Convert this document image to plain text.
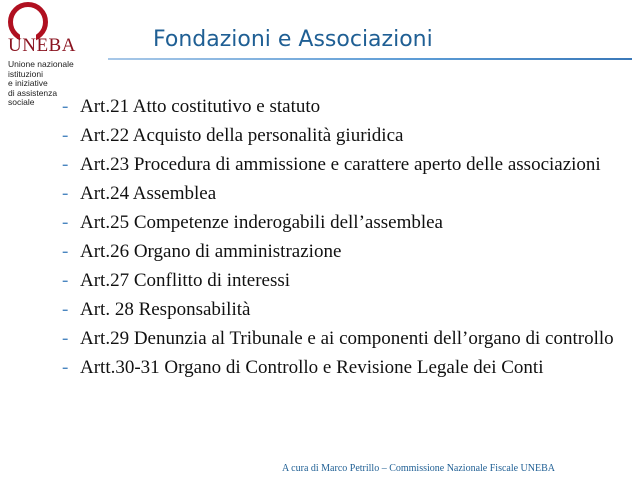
UNEBA
Unione nazionale
istituzioni
e iniziative
di assistenza
sociale
Fondazioni e Associazioni
- Art.21 Atto costitutivo e statuto
- Art.22 Acquisto della personalità giuridica
- Art.23 Procedura di ammissione e carattere aperto delle associazioni
- Art.24 Assemblea
- Art.25 Competenze inderogabili dell’assemblea
- Art.26 Organo di amministrazione
- Art.27 Conflitto di interessi
- Art. 28 Responsabilità
- Art.29 Denunzia al Tribunale e ai componenti dell’organo di controllo
- Artt.30-31 Organo di Controllo e Revisione Legale dei Conti
A cura di Marco Petrillo – Commissione Nazionale Fiscale UNEBA
